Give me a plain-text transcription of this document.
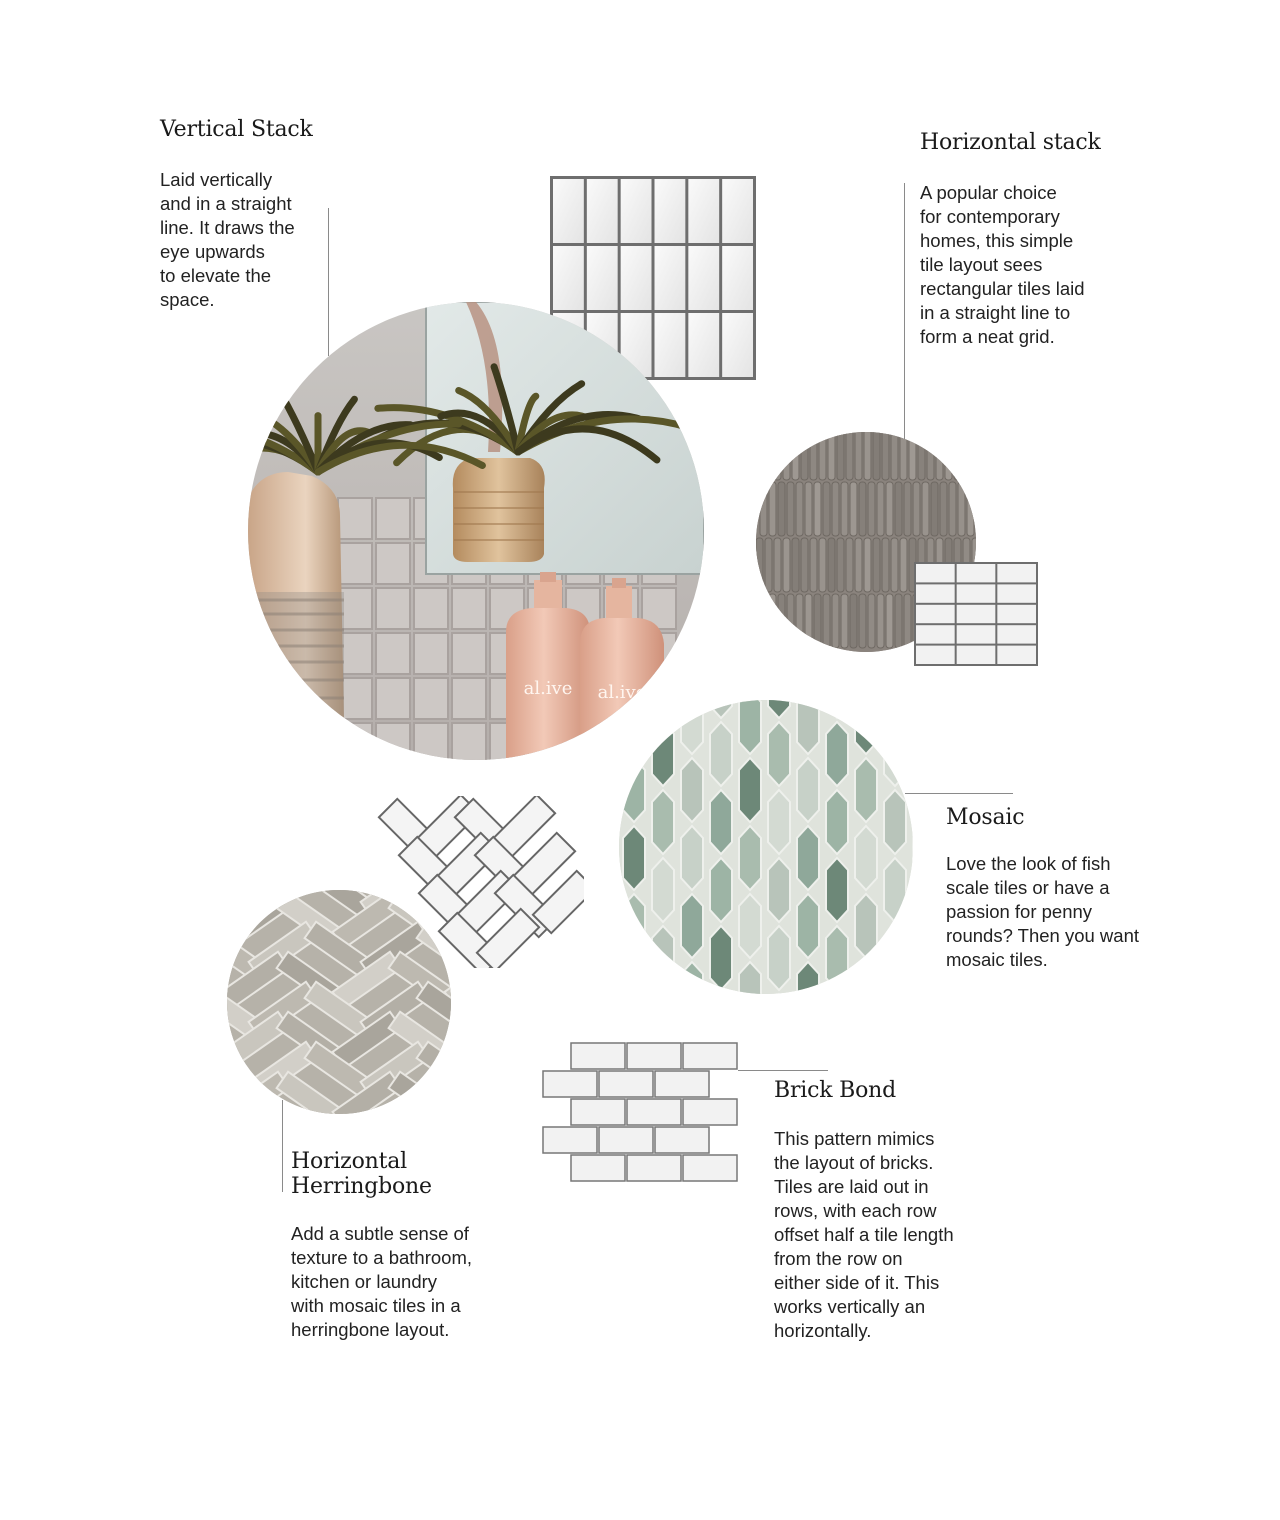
Vertical Stack

Laid vertically
and in a straight
line. It draws the
eye upwards
to elevate the
space.

Horizontal stack

A popular choice
for contemporary
homes, this simple
tile layout sees
rectangular tiles laid
in a straight line to
form a neat grid.

Mosaic

Love the look of fish
scale tiles or have a
passion for penny
rounds? Then you want
mosaic tiles.

Horizontal
Herringbone

Add a subtle sense of
texture to a bathroom,
kitchen or laundry
with mosaic tiles in a
herringbone layout.

Brick Bond

This pattern mimics
the layout of bricks.
Tiles are laid out in
rows, with each row
offset half a tile length
from the row on
either side of it. This
works vertically an
horizontally.

al.ive al.ive
